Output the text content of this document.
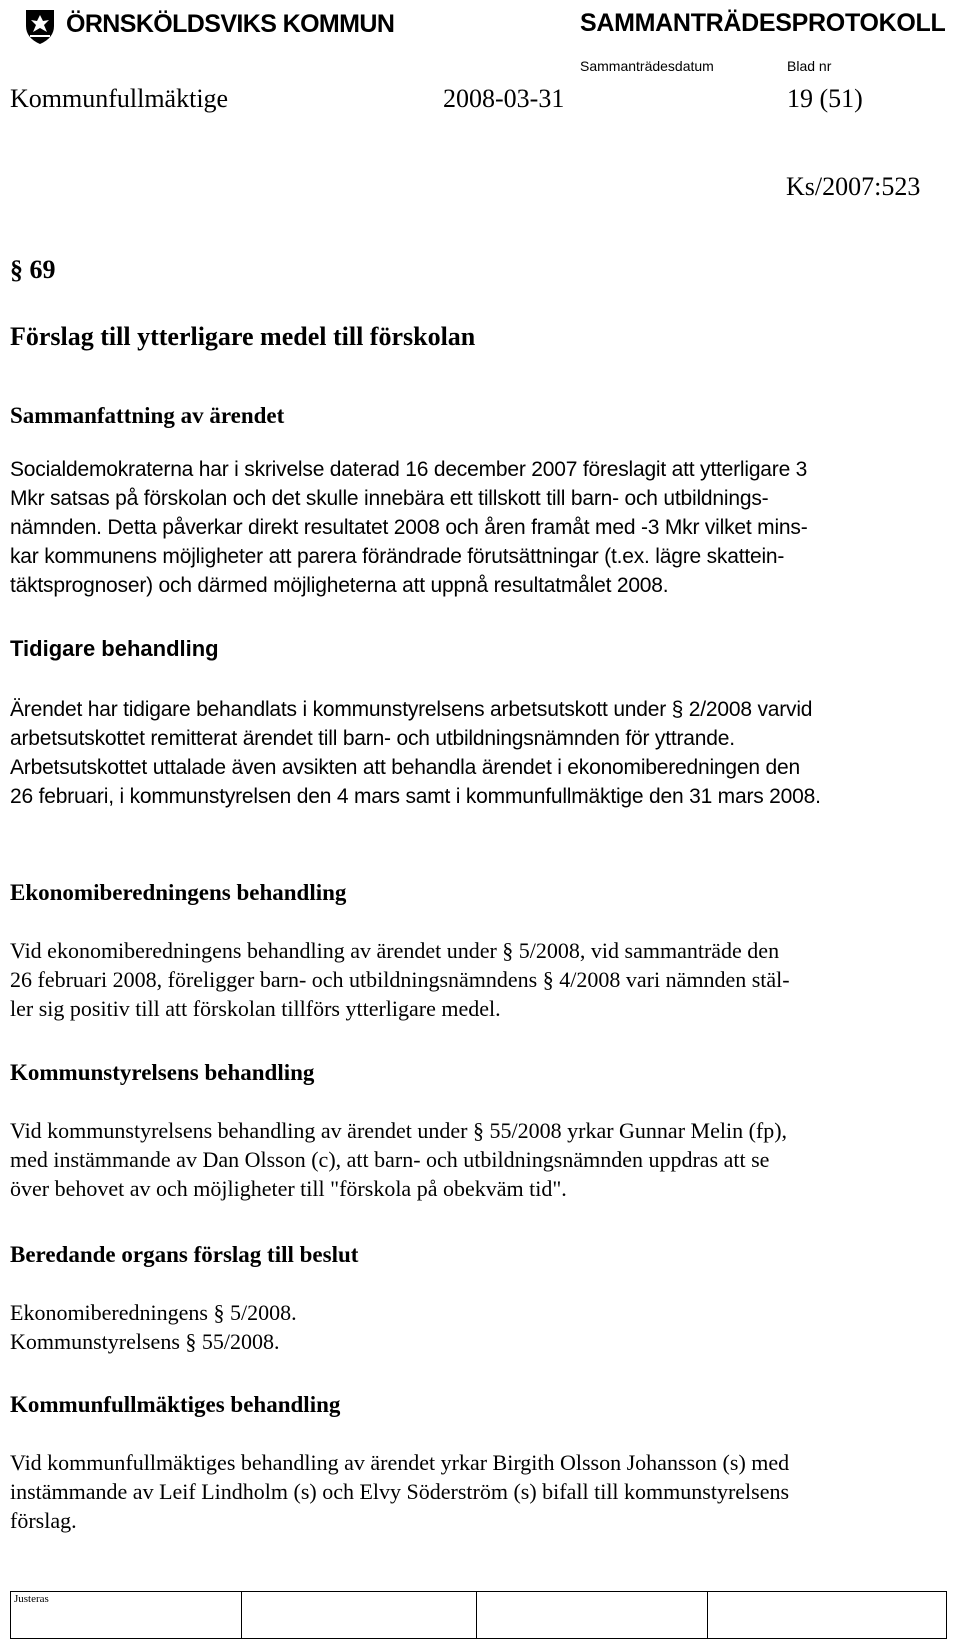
ÖRNSKÖLDSVIKS KOMMUN	SAMMANTRÄDESPROTOKOLL
Sammanträdesdatum	Blad nr
Kommunfullmäktige	2008-03-31	19 (51)
Ks/2007:523
§ 69
Förslag till ytterligare medel till förskolan
Sammanfattning av ärendet
Socialdemokraterna har i skrivelse daterad 16 december 2007 föreslagit att ytterligare 3
Mkr satsas på förskolan och det skulle innebära ett tillskott till barn- och utbildnings-
nämnden. Detta påverkar direkt resultatet 2008 och åren framåt med -3 Mkr vilket mins-
kar kommunens möjligheter att parera förändrade förutsättningar (t.ex. lägre skattein-
täktsprognoser) och därmed möjligheterna att uppnå resultatmålet 2008.
Tidigare behandling
Ärendet har tidigare behandlats i kommunstyrelsens arbetsutskott under § 2/2008 varvid
arbetsutskottet remitterat ärendet till barn- och utbildningsnämnden för yttrande.
Arbetsutskottet uttalade även avsikten att behandla ärendet i ekonomiberedningen den
26 februari, i kommunstyrelsen den 4 mars samt i kommunfullmäktige den 31 mars 2008.
Ekonomiberedningens behandling
Vid ekonomiberedningens behandling av ärendet under § 5/2008, vid sammanträde den
26 februari 2008, föreligger barn- och utbildningsnämndens § 4/2008 vari nämnden stäl-
ler sig positiv till att förskolan tillförs ytterligare medel.
Kommunstyrelsens behandling
Vid kommunstyrelsens behandling av ärendet under § 55/2008 yrkar Gunnar Melin (fp),
med instämmande av Dan Olsson (c), att barn- och utbildningsnämnden uppdras att se
över behovet av och möjligheter till "förskola på obekväm tid".
Beredande organs förslag till beslut
Ekonomiberedningens § 5/2008.
Kommunstyrelsens § 55/2008.
Kommunfullmäktiges behandling
Vid kommunfullmäktiges behandling av ärendet yrkar Birgith Olsson Johansson (s) med
instämmande av Leif Lindholm (s) och Elvy Söderström (s) bifall till kommunstyrelsens
förslag.
Justeras
